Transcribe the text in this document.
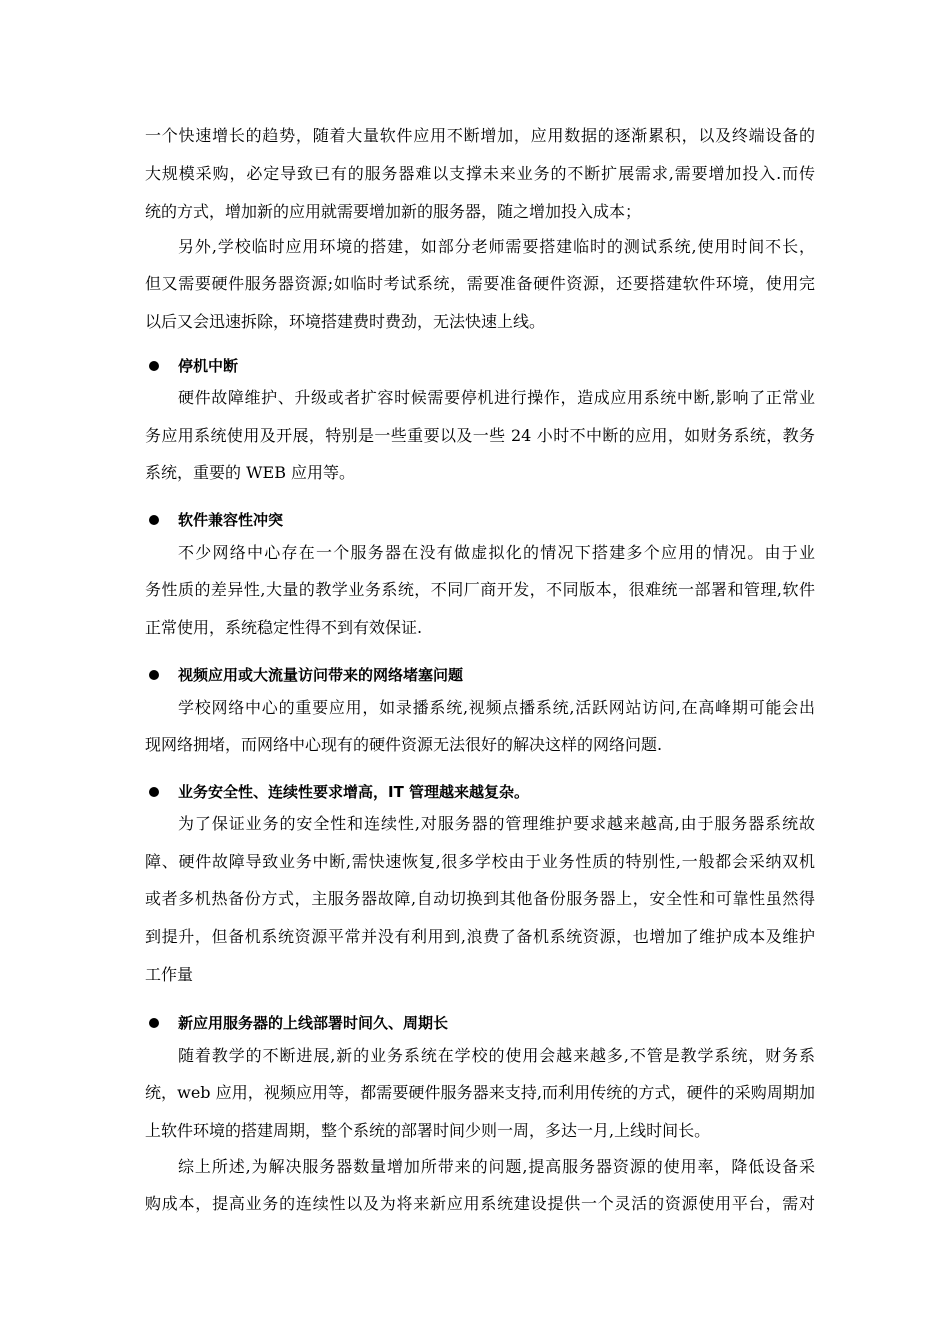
一个快速增长的趋势，随着大量软件应用不断增加，应用数据的逐渐累积，以及终端设备的
大规模采购，必定导致已有的服务器难以支撑未来业务的不断扩展需求,需要增加投入.而传
统的方式，增加新的应用就需要增加新的服务器，随之增加投入成本；
另外,学校临时应用环境的搭建，如部分老师需要搭建临时的测试系统,使用时间不长，
但又需要硬件服务器资源;如临时考试系统，需要准备硬件资源，还要搭建软件环境，使用完
以后又会迅速拆除，环境搭建费时费劲，无法快速上线。
停机中断
硬件故障维护、升级或者扩容时候需要停机进行操作，造成应用系统中断,影响了正常业
务应用系统使用及开展，特别是一些重要以及一些 24 小时不中断的应用，如财务系统，教务
系统，重要的 WEB 应用等。
软件兼容性冲突
不少网络中心存在一个服务器在没有做虚拟化的情况下搭建多个应用的情况。由于业
务性质的差异性,大量的教学业务系统，不同厂商开发，不同版本，很难统一部署和管理,软件
正常使用，系统稳定性得不到有效保证.
视频应用或大流量访问带来的网络堵塞问题
学校网络中心的重要应用，如录播系统,视频点播系统,活跃网站访问,在高峰期可能会出
现网络拥堵，而网络中心现有的硬件资源无法很好的解决这样的网络问题.
业务安全性、连续性要求增高，IT 管理越来越复杂。
为了保证业务的安全性和连续性,对服务器的管理维护要求越来越高,由于服务器系统故
障、硬件故障导致业务中断,需快速恢复,很多学校由于业务性质的特别性,一般都会采纳双机
或者多机热备份方式，主服务器故障,自动切换到其他备份服务器上，安全性和可靠性虽然得
到提升，但备机系统资源平常并没有利用到,浪费了备机系统资源，也增加了维护成本及维护
工作量
新应用服务器的上线部署时间久、周期长
随着教学的不断进展,新的业务系统在学校的使用会越来越多,不管是教学系统，财务系
统，web 应用，视频应用等，都需要硬件服务器来支持,而利用传统的方式，硬件的采购周期加
上软件环境的搭建周期，整个系统的部署时间少则一周，多达一月,上线时间长。
综上所述,为解决服务器数量增加所带来的问题,提高服务器资源的使用率，降低设备采
购成本，提高业务的连续性以及为将来新应用系统建设提供一个灵活的资源使用平台，需对
